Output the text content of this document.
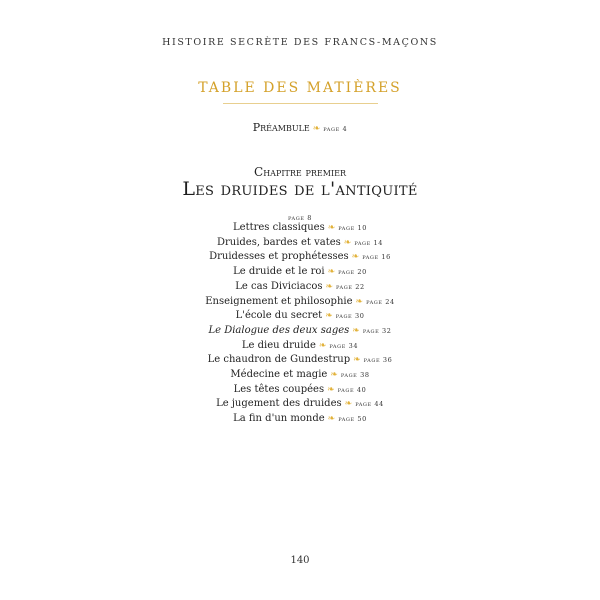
HISTOIRE SECRÈTE DES FRANCS-MAÇONS
TABLE DES MATIÈRES
Préambule ❧ page 4
Chapitre premier
Les druides de l'antiquité
page 8
Lettres classiques ❧ page 10
Druides, bardes et vates ❧ page 14
Druidesses et prophétesses ❧ page 16
Le druide et le roi ❧ page 20
Le cas Diviciacos ❧ page 22
Enseignement et philosophie ❧ page 24
L'école du secret ❧ page 30
Le Dialogue des deux sages ❧ page 32
Le dieu druide ❧ page 34
Le chaudron de Gundestrup ❧ page 36
Médecine et magie ❧ page 38
Les têtes coupées ❧ page 40
Le jugement des druides ❧ page 44
La fin d'un monde ❧ page 50
140
